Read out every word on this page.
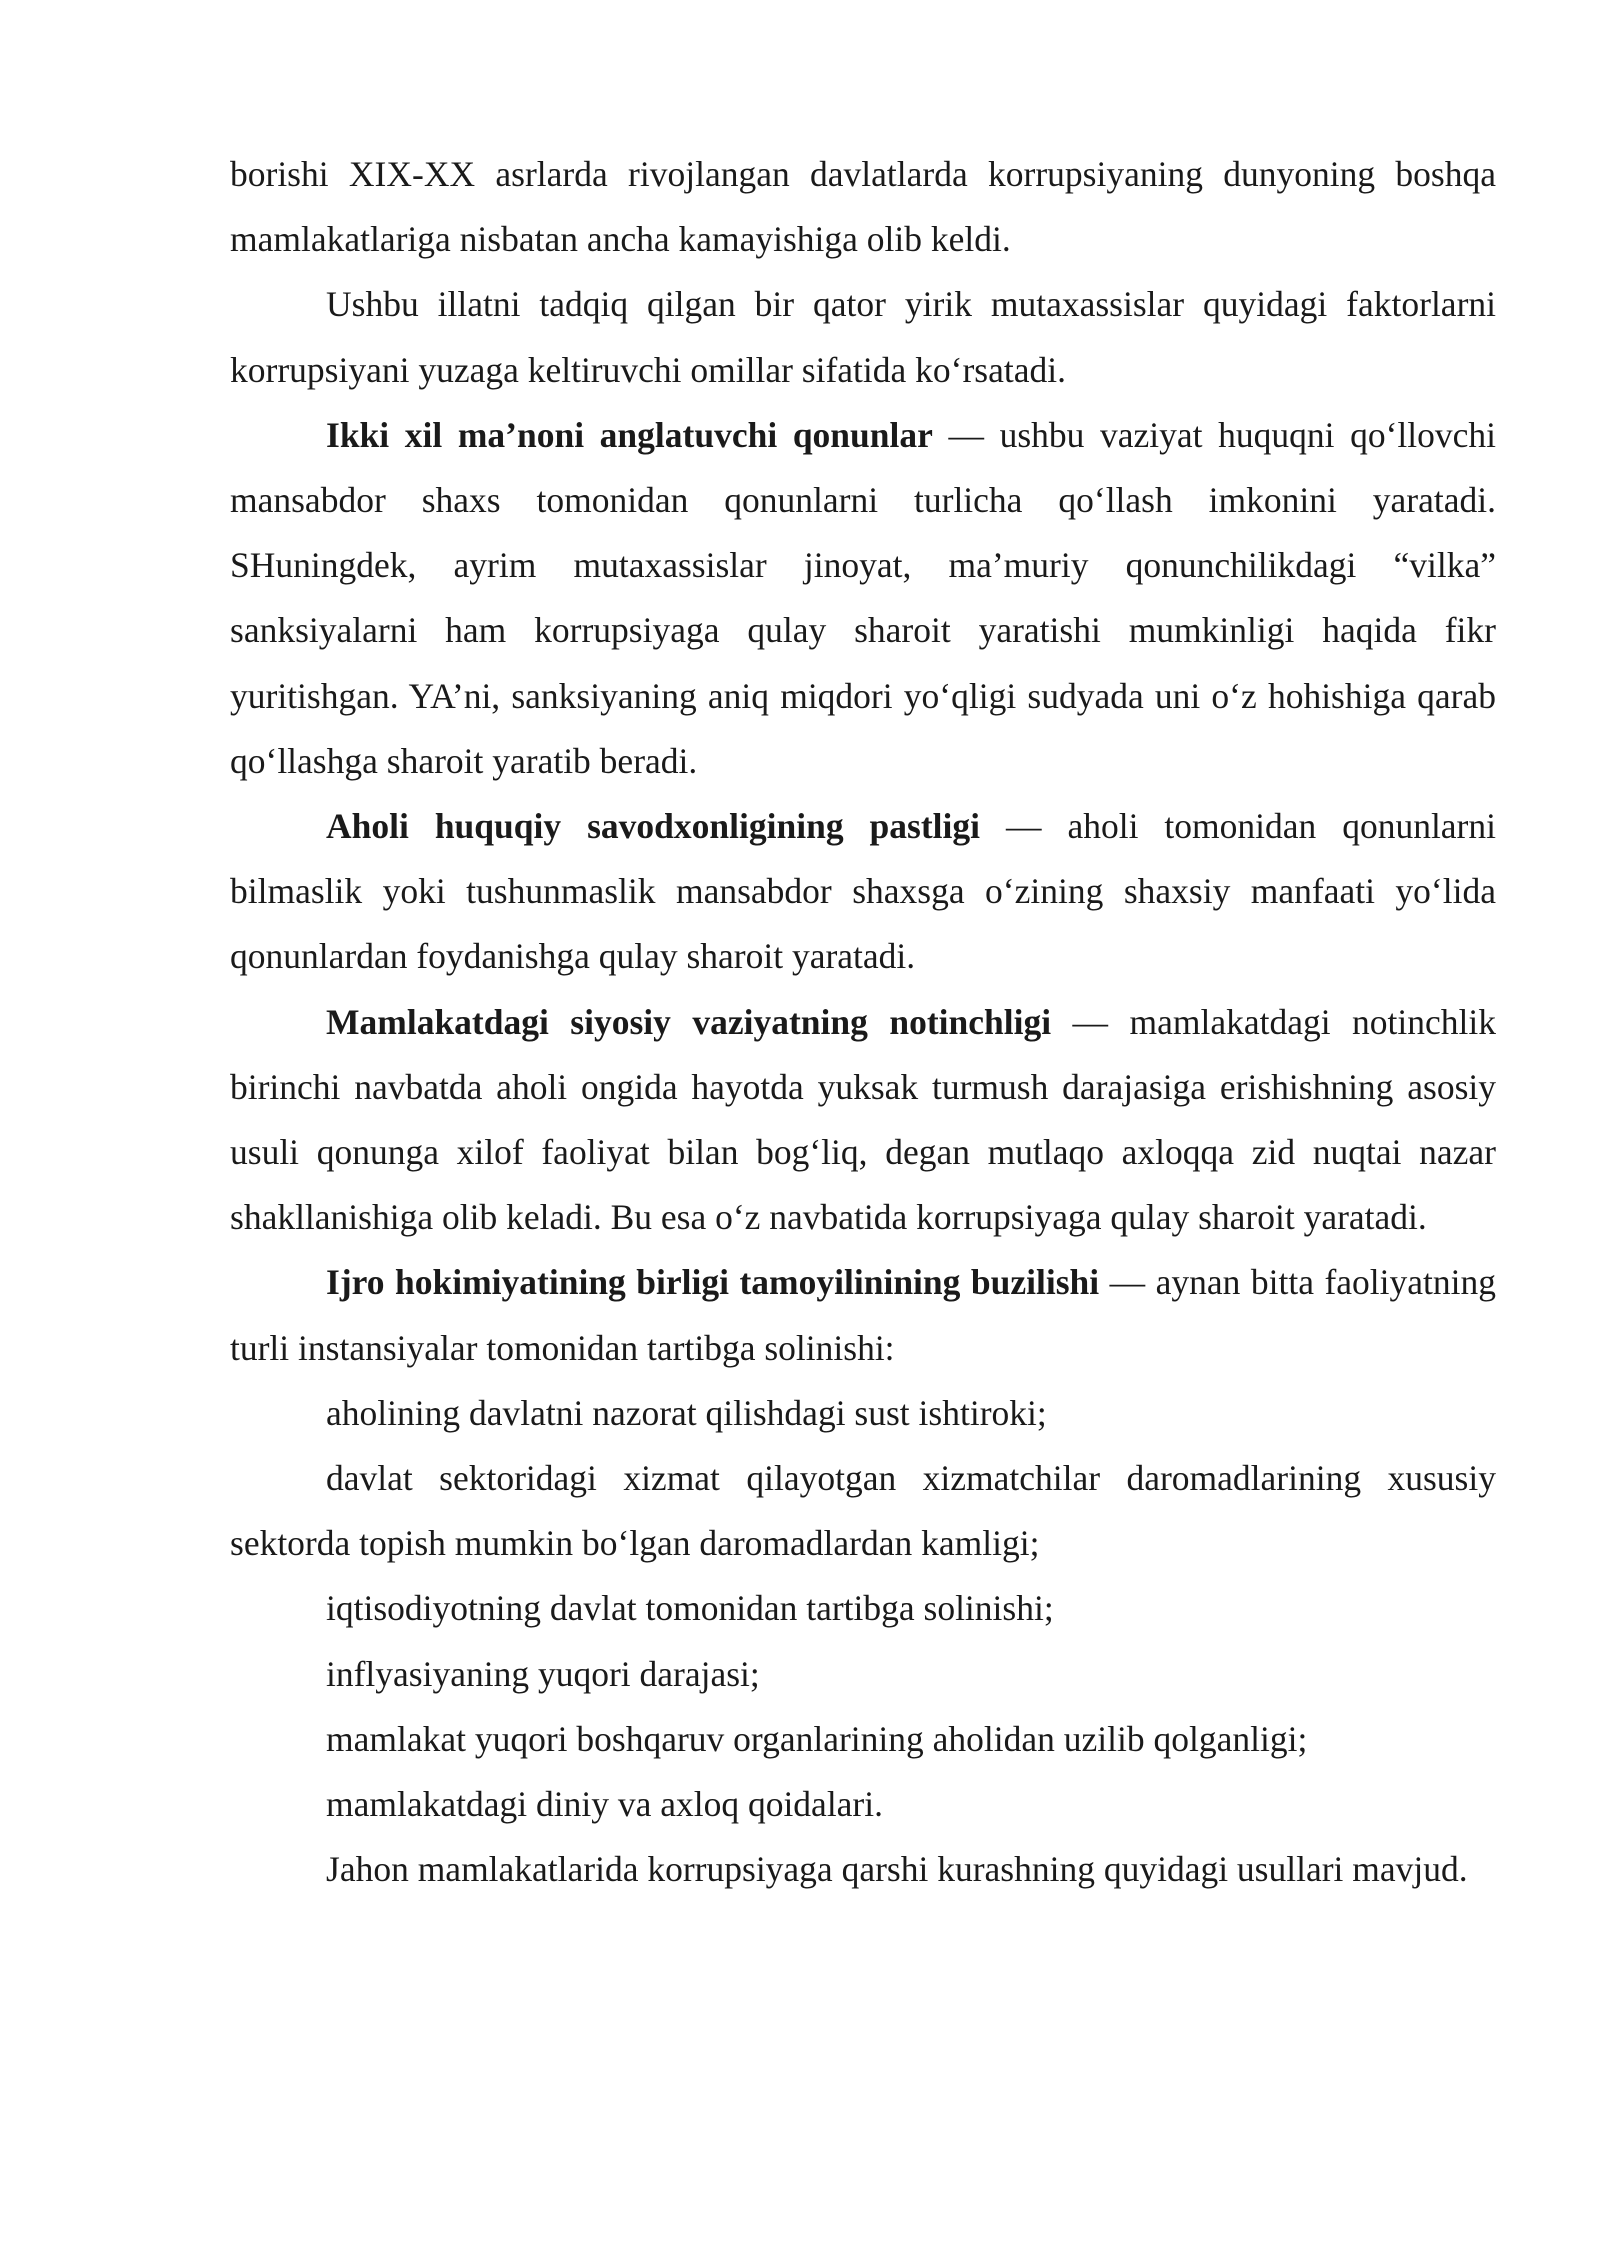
borishi XIX-XX asrlarda rivojlangan davlatlarda korrupsiyaning dunyoning boshqa mamlakatlariga nisbatan ancha kamayishiga olib keldi.

Ushbu illatni tadqiq qilgan bir qator yirik mutaxassislar quyidagi faktorlarni korrupsiyani yuzaga keltiruvchi omillar sifatida koʻrsatadi.

Ikki xil ma’noni anglatuvchi qonunlar — ushbu vaziyat huquqni qoʻllovchi mansabdor shaxs tomonidan qonunlarni turlicha qoʻllash imkonini yaratadi. SHuningdek, ayrim mutaxassislar jinoyat, ma’muriy qonunchilikdagi “vilka” sanksiyalarni ham korrupsiyaga qulay sharoit yaratishi mumkinligi haqida fikr yuritishgan. YA’ni, sanksiyaning aniq miqdori yoʻqligi sudyada uni oʻz hohishiga qarab qoʻllashga sharoit yaratib beradi.

Aholi huquqiy savodxonligining pastligi — aholi tomonidan qonunlarni bilmaslik yoki tushunmaslik mansabdor shaxsga oʻzining shaxsiy manfaati yoʻlida qonunlardan foydanishga qulay sharoit yaratadi.

Mamlakatdagi siyosiy vaziyatning notinchligi — mamlakatdagi notinchlik birinchi navbatda aholi ongida hayotda yuksak turmush darajasiga erishishning asosiy usuli qonunga xilof faoliyat bilan bogʻliq, degan mutlaqo axloqqa zid nuqtai nazar shakllanishiga olib keladi. Bu esa oʻz navbatida korrupsiyaga qulay sharoit yaratadi.

Ijro hokimiyatining birligi tamoyilinining buzilishi — aynan bitta faoliyatning turli instansiyalar tomonidan tartibga solinishi:

aholining davlatni nazorat qilishdagi sust ishtiroki;

davlat sektoridagi xizmat qilayotgan xizmatchilar daromadlarining xususiy sektorda topish mumkin boʻlgan daromadlardan kamligi;

iqtisodiyotning davlat tomonidan tartibga solinishi;

inflyasiyaning yuqori darajasi;

mamlakat yuqori boshqaruv organlarining aholidan uzilib qolganligi;

mamlakatdagi diniy va axloq qoidalari.

Jahon mamlakatlarida korrupsiyaga qarshi kurashning quyidagi usullari mavjud.
